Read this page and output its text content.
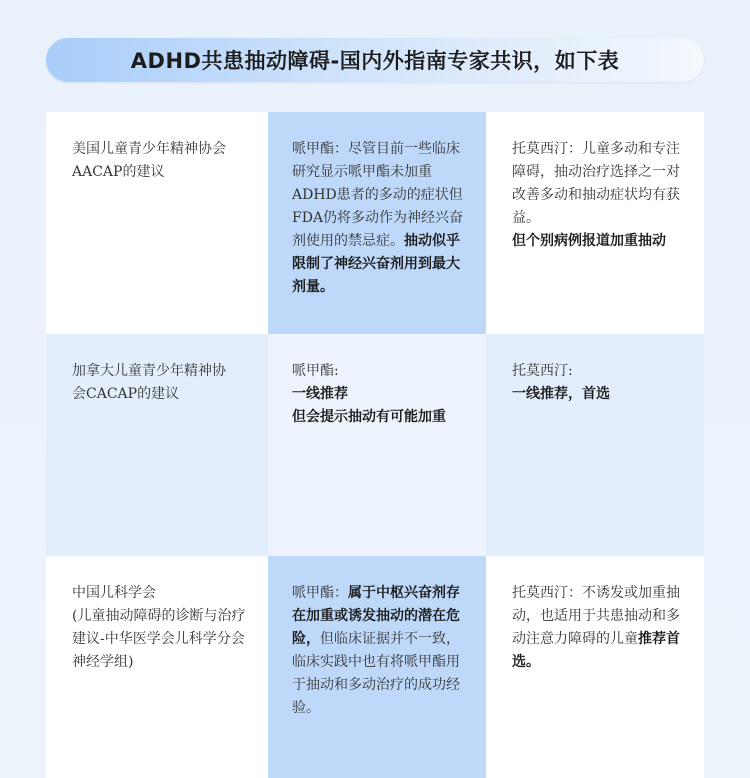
ADHD共患抽动障碍-国内外指南专家共识，如下表

美国儿童青少年精神协会

AACAP的建议

哌甲酯：尽管目前一些临床研究显示哌甲酯未加重ADHD患者的多动的症状但FDA仍将多动作为神经兴奋剂使用的禁忌症。抽动似乎限制了神经兴奋剂用到最大剂量。
托莫西汀：儿童多动和专注障碍，抽动治疗选择之一对改善多动和抽动症状均有获益。
但个别病例报道加重抽动

加拿大儿童青少年精神协

会CACAP的建议

哌甲酯:

一线推荐

但会提示抽动有可能加重

托莫西汀:

一线推荐，首选

中国儿科学会

(儿童抽动障碍的诊断与治疗建议-中华医学会儿科学分会神经学组)

哌甲酯：属于中枢兴奋剂存在加重或诱发抽动的潜在危险，但临床证据并不一致，临床实践中也有将哌甲酯用于抽动和多动治疗的成功经验。
托莫西汀：不诱发或加重抽动，也适用于共患抽动和多动注意力障碍的儿童推荐首选。
